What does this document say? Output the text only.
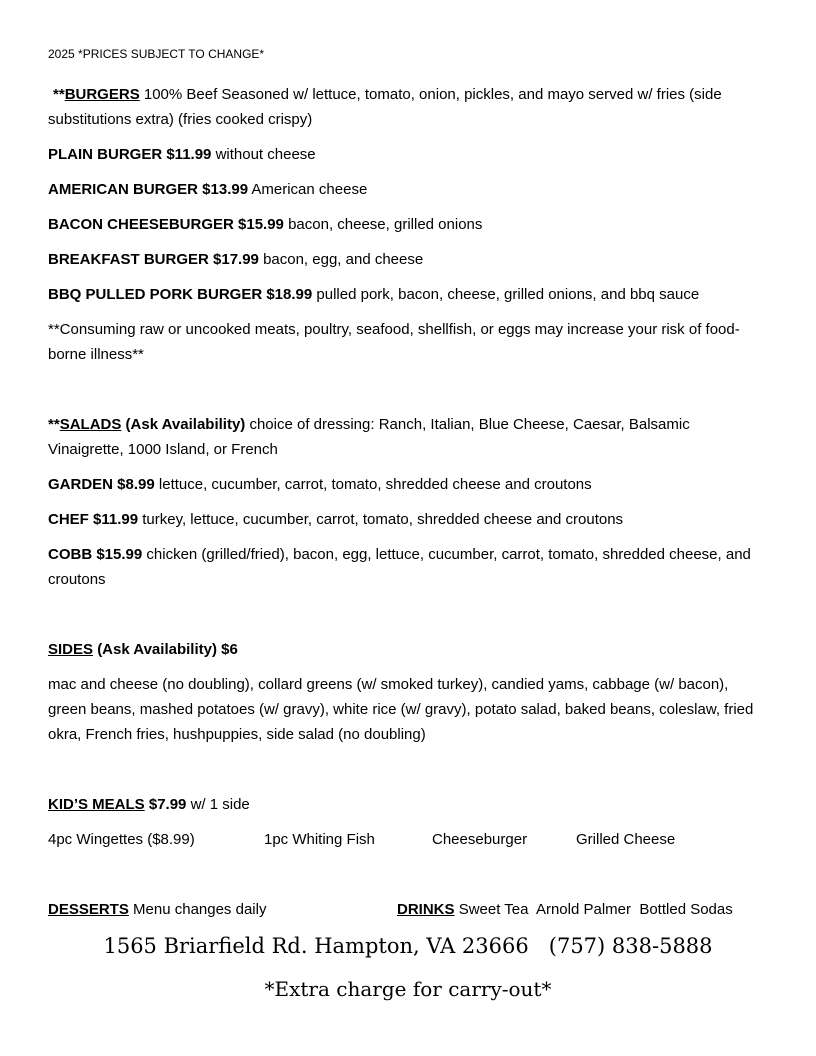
2025 *PRICES SUBJECT TO CHANGE*

**BURGERS 100% Beef Seasoned w/ lettuce, tomato, onion, pickles, and mayo served w/ fries (side substitutions extra) (fries cooked crispy)

PLAIN BURGER $11.99 without cheese

AMERICAN BURGER $13.99 American cheese

BACON CHEESEBURGER $15.99 bacon, cheese, grilled onions

BREAKFAST BURGER $17.99 bacon, egg, and cheese

BBQ PULLED PORK BURGER $18.99 pulled pork, bacon, cheese, grilled onions, and bbq sauce

**Consuming raw or uncooked meats, poultry, seafood, shellfish, or eggs may increase your risk of food-borne illness**

**SALADS (Ask Availability) choice of dressing: Ranch, Italian, Blue Cheese, Caesar, Balsamic Vinaigrette, 1000 Island, or French

GARDEN $8.99 lettuce, cucumber, carrot, tomato, shredded cheese and croutons

CHEF $11.99 turkey, lettuce, cucumber, carrot, tomato, shredded cheese and croutons

COBB $15.99 chicken (grilled/fried), bacon, egg, lettuce, cucumber, carrot, tomato, shredded cheese, and croutons

SIDES (Ask Availability) $6

mac and cheese (no doubling), collard greens (w/ smoked turkey), candied yams, cabbage (w/ bacon), green beans, mashed potatoes (w/ gravy), white rice (w/ gravy), potato salad, baked beans, coleslaw, fried okra, French fries, hushpuppies, side salad (no doubling)

KID’S MEALS $7.99 w/ 1 side

4pc Wingettes ($8.99)	1pc Whiting Fish	Cheeseburger	Grilled Cheese

DESSERTS Menu changes daily	DRINKS Sweet Tea  Arnold Palmer  Bottled Sodas

1565 Briarfield Rd. Hampton, VA 23666   (757) 838-5888

*Extra charge for carry-out*
